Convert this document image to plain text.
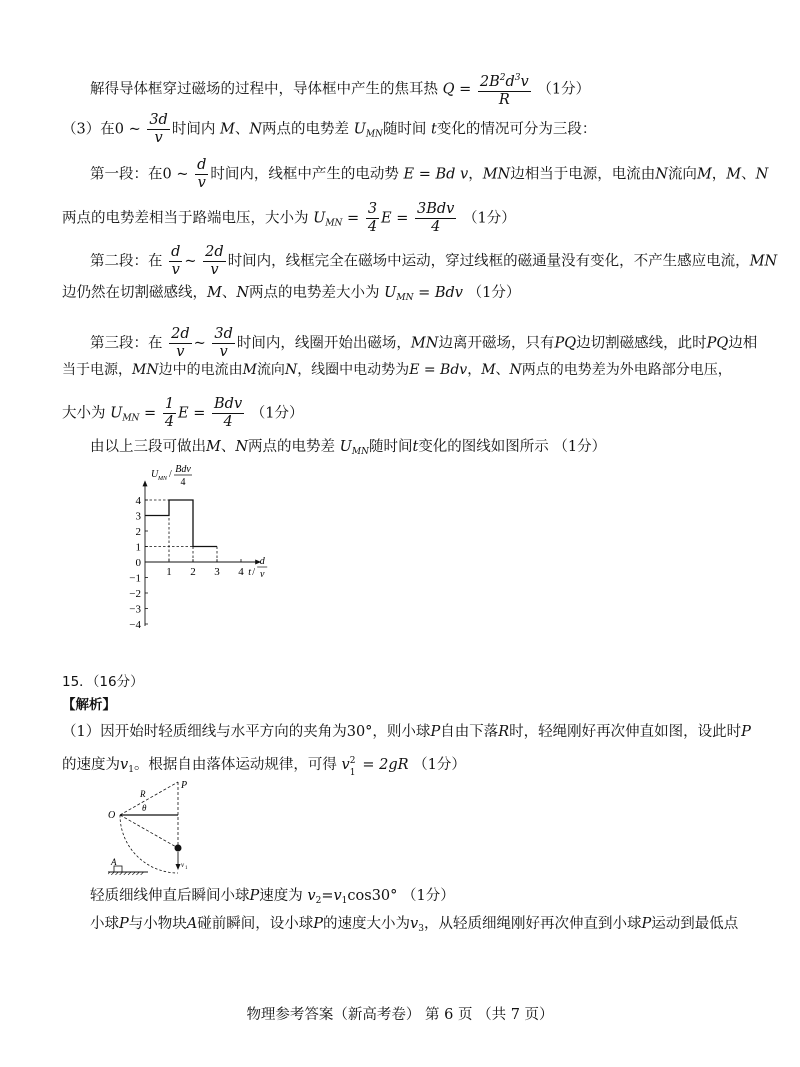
解得导体框穿过磁场的过程中，导体框中产生的焦耳热 $Q = \frac{2B^2d^3v}{R} (1$分）
（3）在0 ~ $\frac{3d}{v}$ 时间内 M、N两点的电势差 $U_{MN}$随时间 t变化的情况可分为三段：
第一段：在0 ~ $\frac{d}{v}$ 时间内，线框中产生的电动势 E = Bd v，MN边相当于电源，电流由N流向M，M、N
两点的电势差相当于路端电压，大小为 $U_{MN} = \frac{3}{4}$ $E = \frac{\text{3Bdv}}{4} (1$分）
第二段：在 $\frac{d}{v}$ ~ $\frac{2d}{v}$ 时间内，线框完全在磁场中运动，穿过线框的磁通量没有变化，不产生感应电流，MN
边仍然在切割磁感线，M、N两点的电势差大小为 $U_{MN}$ = Bdv （1分）
第三段：在 $\frac{2d}{v}$ ~ $\frac{3d}{v}$ 时间内，线圈开始出磁场，MN边离开磁场，只有PQ边切割磁感线，此时PQ边相
当于电源，MN边中的电流由M流向N，线圈中电动势为E = Bdv，M、N两点的电势差为外电路部分电压，
大小为 $U_{MN} = \frac{1}{4}$ $E = \frac{\text{Bdv}}{4} (1$分）
由以上三段可做出M、N两点的电势差 $U_{MN}$随时间t变化的图线如图所示 （1分）
4
3
2
1
0
−1
−2
−3
−4
1 2 3 4
U MN / Bdv
4
t /
d
v
15．（16分）
【解析】
（1）因开始时轻质细线与水平方向的夹角为30°，则小球P自由下落R时，轻绳刚好再次伸直如图，设此时P
的速度为$v_1$。根据自由落体运动规律，可得 v 2
1 = 2gR （1分）
P
R
θ
O
A	v 1
轻质细线伸直后瞬间小球P速度为 $v_2=v_1\cos 30^\circ$ （1分）
小球P与小物块A碰前瞬间，设小球P的速度大小为$v_3$，从轻质细绳刚好再次伸直到小球P运动到最低点
物理参考答案（新高考卷） 第 6 页 （共 7 页）
